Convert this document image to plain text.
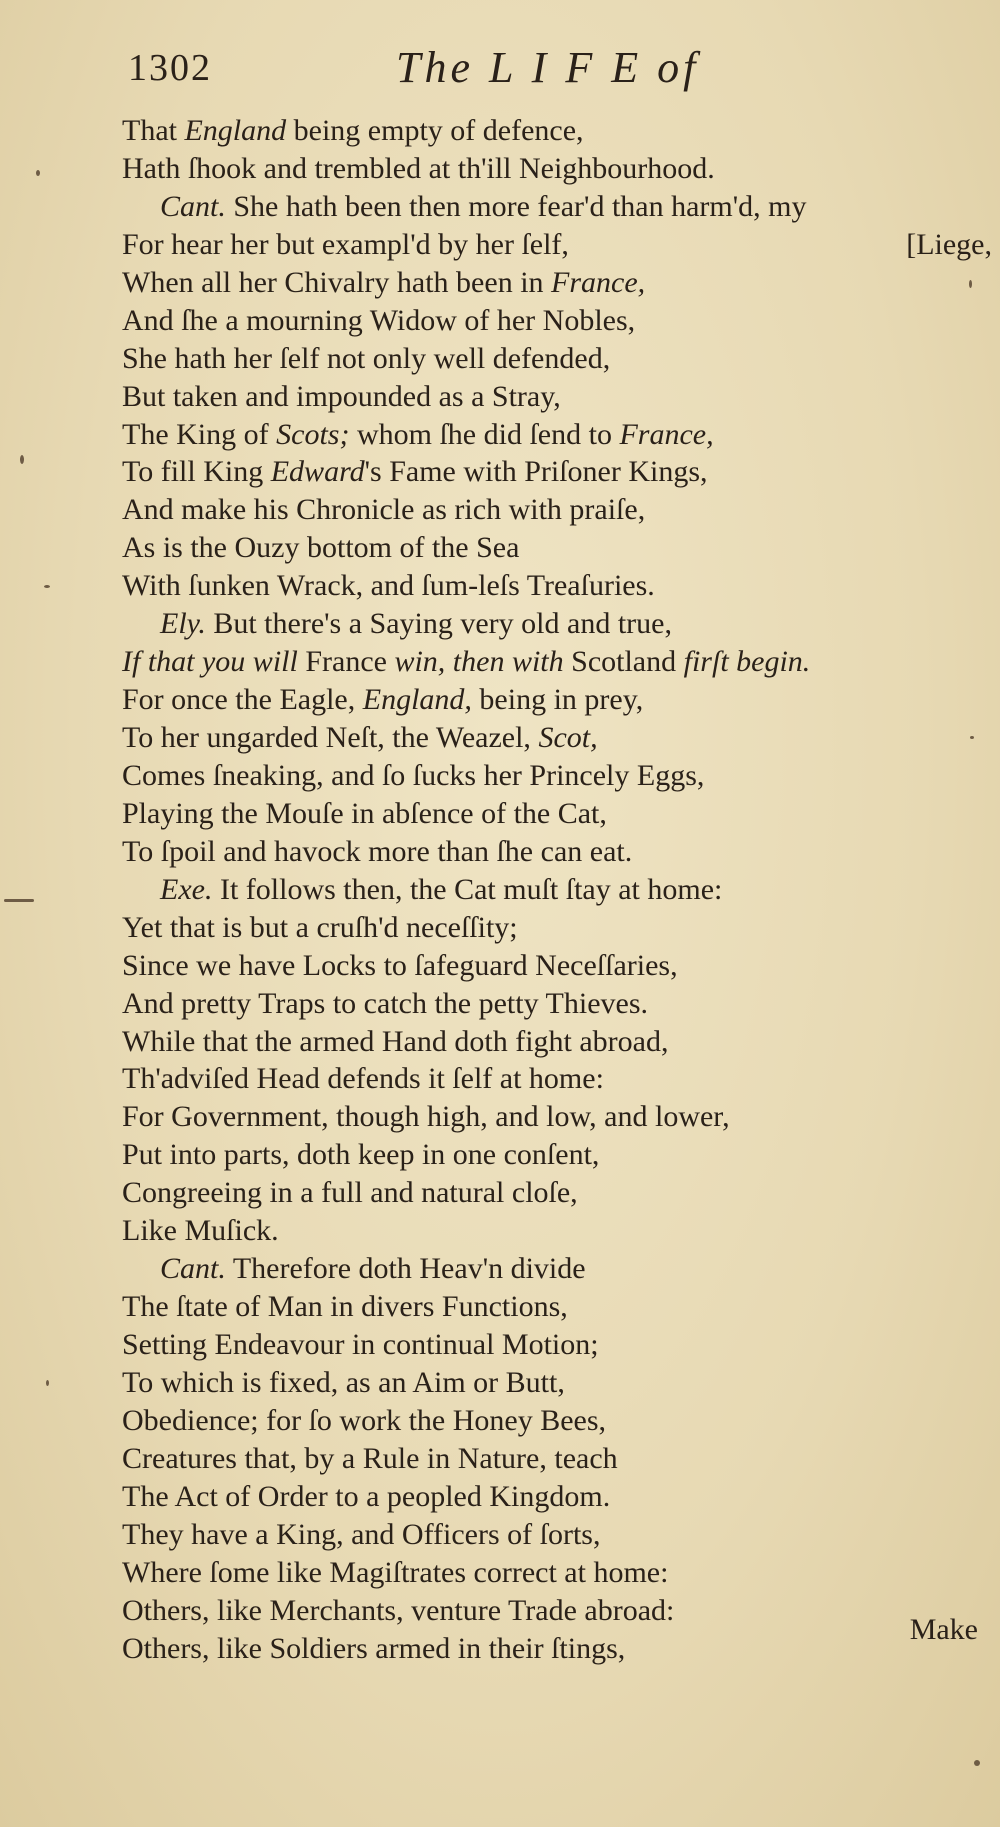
1302	The L I F E of
That England being empty of defence,
Hath ſhook and trembled at th'ill Neighbourhood.
Cant. She hath been then more fear'd than harm'd, my
For hear her but exampl'd by her ſelf,	[Liege,
When all her Chivalry hath been in France,
And ſhe a mourning Widow of her Nobles,
She hath her ſelf not only well defended,
But taken and impounded as a Stray,
The King of Scots; whom ſhe did ſend to France,
To fill King Edward's Fame with Priſoner Kings,
And make his Chronicle as rich with praiſe,
As is the Ouzy bottom of the Sea
With ſunken Wrack, and ſum-leſs Treaſuries.
Ely. But there's a Saying very old and true,
If that you will France win, then with Scotland firſt begin.
For once the Eagle, England, being in prey,
To her ungarded Neſt, the Weazel, Scot,
Comes ſneaking, and ſo ſucks her Princely Eggs,
Playing the Mouſe in abſence of the Cat,
To ſpoil and havock more than ſhe can eat.
Exe. It follows then, the Cat muſt ſtay at home:
Yet that is but a cruſh'd neceſſity;
Since we have Locks to ſafeguard Neceſſaries,
And pretty Traps to catch the petty Thieves.
While that the armed Hand doth fight abroad,
Th'adviſed Head defends it ſelf at home:
For Government, though high, and low, and lower,
Put into parts, doth keep in one conſent,
Congreeing in a full and natural cloſe,
Like Muſick.
Cant. Therefore doth Heav'n divide
The ſtate of Man in divers Functions,
Setting Endeavour in continual Motion;
To which is fixed, as an Aim or Butt,
Obedience; for ſo work the Honey Bees,
Creatures that, by a Rule in Nature, teach
The Act of Order to a peopled Kingdom.
They have a King, and Officers of ſorts,
Where ſome like Magiſtrates correct at home:
Others, like Merchants, venture Trade abroad:
Others, like Soldiers armed in their ſtings,
Make
